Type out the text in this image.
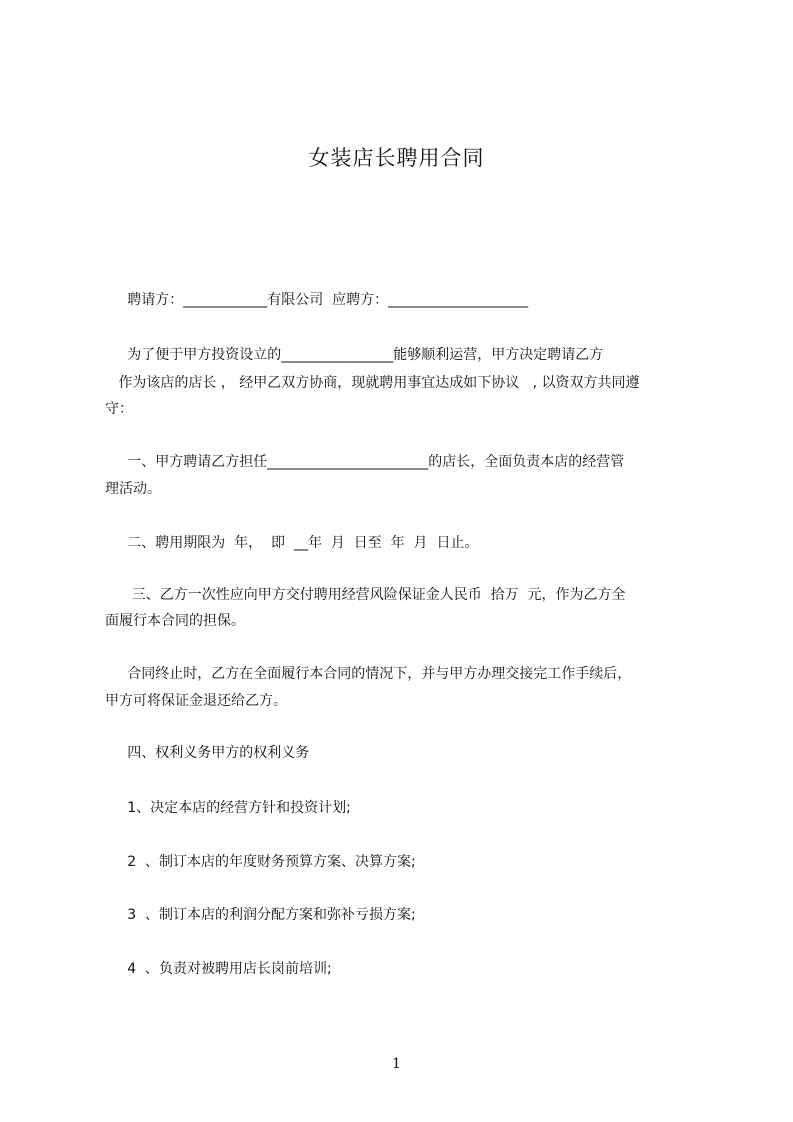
女装店长聘用合同

聘请方：____________有限公司  应聘方：____________________

为了便于甲方投资设立的________________能够顺利运营，甲方决定聘请乙方

作为该店的店长 ， 经甲乙双方协商，现就聘用事宜达成如下协议   , 以资双方共同遵

守：

一、甲方聘请乙方担任_______________________的店长，全面负责本店的经营管

理活动。

二、聘用期限为  年，  即  __年  月  日至  年  月  日止。

三、乙方一次性应向甲方交付聘用经营风险保证金人民币  拾万  元，作为乙方全

面履行本合同的担保。

合同终止时，乙方在全面履行本合同的情况下，并与甲方办理交接完工作手续后，

甲方可将保证金退还给乙方。

四、权利义务甲方的权利义务

1、决定本店的经营方针和投资计划;

2  、制订本店的年度财务预算方案、决算方案;

3  、制订本店的利润分配方案和弥补亏损方案;

4  、负责对被聘用店长岗前培训;

1
